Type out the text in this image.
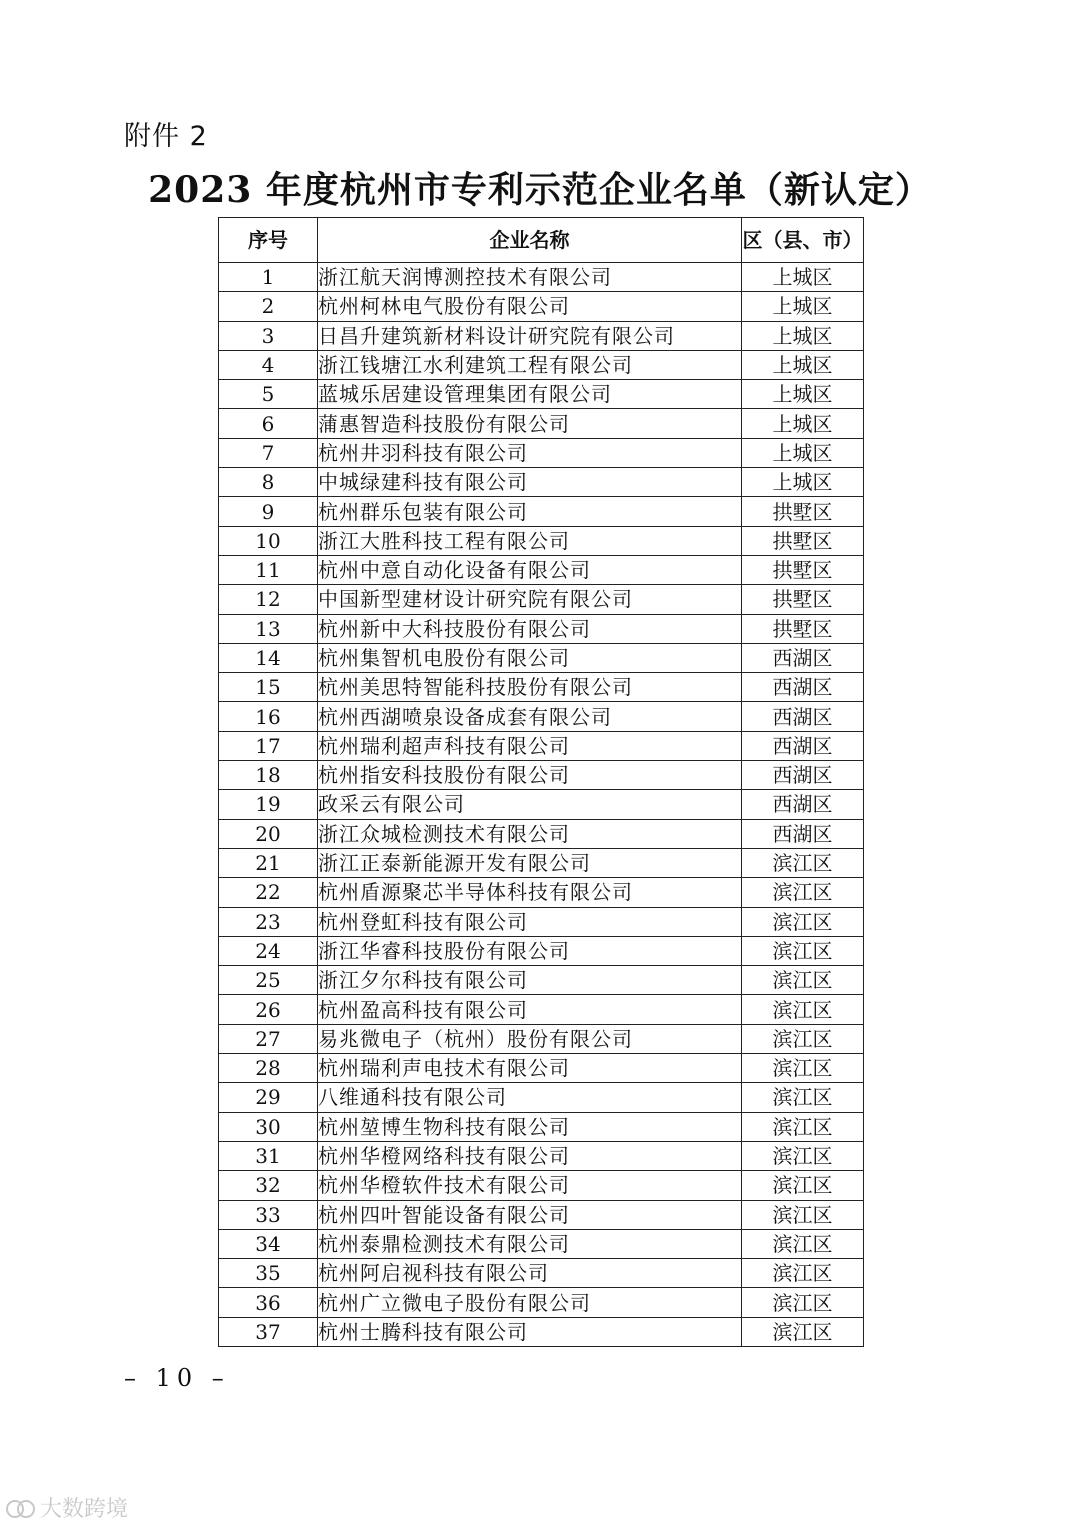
附件 2
2023 年度杭州市专利示范企业名单（新认定）
序号	企业名称	区（县、市）
1	浙江航天润博测控技术有限公司	上城区
2	杭州柯林电气股份有限公司	上城区
3	日昌升建筑新材料设计研究院有限公司	上城区
4	浙江钱塘江水利建筑工程有限公司	上城区
5	蓝城乐居建设管理集团有限公司	上城区
6	蒲惠智造科技股份有限公司	上城区
7	杭州井羽科技有限公司	上城区
8	中城绿建科技有限公司	上城区
9	杭州群乐包装有限公司	拱墅区
10	浙江大胜科技工程有限公司	拱墅区
11	杭州中意自动化设备有限公司	拱墅区
12	中国新型建材设计研究院有限公司	拱墅区
13	杭州新中大科技股份有限公司	拱墅区
14	杭州集智机电股份有限公司	西湖区
15	杭州美思特智能科技股份有限公司	西湖区
16	杭州西湖喷泉设备成套有限公司	西湖区
17	杭州瑞利超声科技有限公司	西湖区
18	杭州指安科技股份有限公司	西湖区
19	政采云有限公司	西湖区
20	浙江众城检测技术有限公司	西湖区
21	浙江正泰新能源开发有限公司	滨江区
22	杭州盾源聚芯半导体科技有限公司	滨江区
23	杭州登虹科技有限公司	滨江区
24	浙江华睿科技股份有限公司	滨江区
25	浙江夕尔科技有限公司	滨江区
26	杭州盈高科技有限公司	滨江区
27	易兆微电子（杭州）股份有限公司	滨江区
28	杭州瑞利声电技术有限公司	滨江区
29	八维通科技有限公司	滨江区
30	杭州堃博生物科技有限公司	滨江区
31	杭州华橙网络科技有限公司	滨江区
32	杭州华橙软件技术有限公司	滨江区
33	杭州四叶智能设备有限公司	滨江区
34	杭州泰鼎检测技术有限公司	滨江区
35	杭州阿启视科技有限公司	滨江区
36	杭州广立微电子股份有限公司	滨江区
37	杭州士腾科技有限公司	滨江区
– 10 –
大数跨境
